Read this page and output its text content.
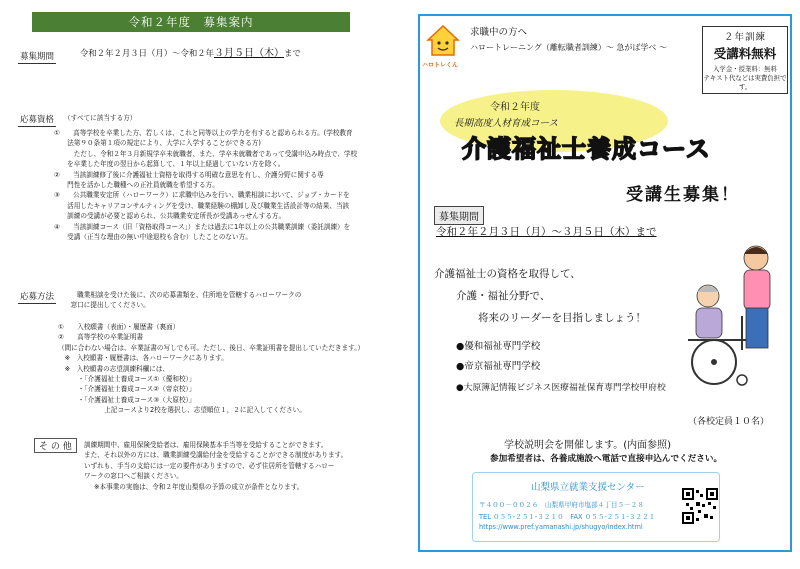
令和２年度　募集案内
募集期間	令和２年２月３日（月）～令和２年３月５日（木）まで
応募資格	（すべてに該当する方）
①　　高等学校を卒業した方、若しくは、これと同等以上の学力を有すると認められる方。(学校教育
　　法第９０条第１項の規定により、大学に入学することができる方)
　　　ただし、令和２年３月新規学卒未就職者、また、学卒未就職者であって受講申込み時点で、学校
　　を卒業した年度の翌日から起算して、１年以上経過していない方を除く。
②　　当該訓練修了後に介護福祉士資格を取得する明確な意思を有し、介護分野に関する専
　　門性を活かした職種への正社員就職を希望する方。
③　　公共職業安定所（ハローワーク）に求職申込みを行い、職業相談において、ジョブ・カードを
　　活用したキャリアコンサルティングを受け、職業経験の棚卸し及び職業生活設計等の結果、当該
　　訓練の受講が必要と認められ、公共職業安定所長が受講あっせんする方。
④　　当該訓練コース（旧「資格取得コース」）または過去に1年以上の公共職業訓練（委託訓練）を
　　受講（正当な理由の無い中途退校も含む）したことのない方。
応募方法	　　職業相談を受けた後に、次の応募書類を、住所地を管轄するハローワークの
　窓口に提出してください。
①　　入校願書（表面）・履歴書（裏面）
②　　高等学校の卒業証明書
（間に合わない場合は、卒業証書の写しでも可。ただし、後日、卒業証明書を提出していただきます。）
　※　入校願書・履歴書は、各ハローワークにあります。
　※　入校願書の志望訓練科欄には、
　　　・「介護福祉士養成コース①（優和校）」
　　　・「介護福祉士養成コース②（帝京校）」
　　　・「介護福祉士養成コース③（大原校）」
　　　　　　　上記コースより2校を選択し、志望順位１，２に記入してください。
そ の 他	訓練期間中、雇用保険受給者は、雇用保険基本手当等を受給することができます。
また、それ以外の方には、職業訓練受講給付金を受給することができる制度があります。
いずれも、手当の支給には一定の要件がありますので、必ず住居所を管轄するハロー
ワークの窓口へご相談ください。
※本事業の実施は、令和２年度山梨県の予算の成立が条件となります。
ハロトレくん
求職中の方へ
ハロートレーニング（離転職者訓練）～ 急がば学べ ～
２年訓練
受講料無料
入学金・授業料：無料
テキスト代などは実費負担です。
令和２年度
長期高度人材育成コース
介護福祉士養成コース
受講生募集！
募集期間
令和２年２月３日（月）～３月５日（木）まで
介護福祉士の資格を取得して、
介護・福祉分野で、
将来のリーダーを目指しましょう！
●優和福祉専門学校
●帝京福祉専門学校
●大原簿記情報ビジネス医療福祉保育専門学校甲府校
（各校定員１０名）
学校説明会を開催します。(内面参照)
参加希望者は、各養成施設へ電話で直接申込んでください。
山梨県立就業支援センター
〒４００－００２６　山梨県甲府市塩部４丁目５－２８
TEL ０５５-２５１-３２１０　FAX ０５５-２５１-３２２１
https://www.pref.yamanashi.jp/shugyo/index.html
